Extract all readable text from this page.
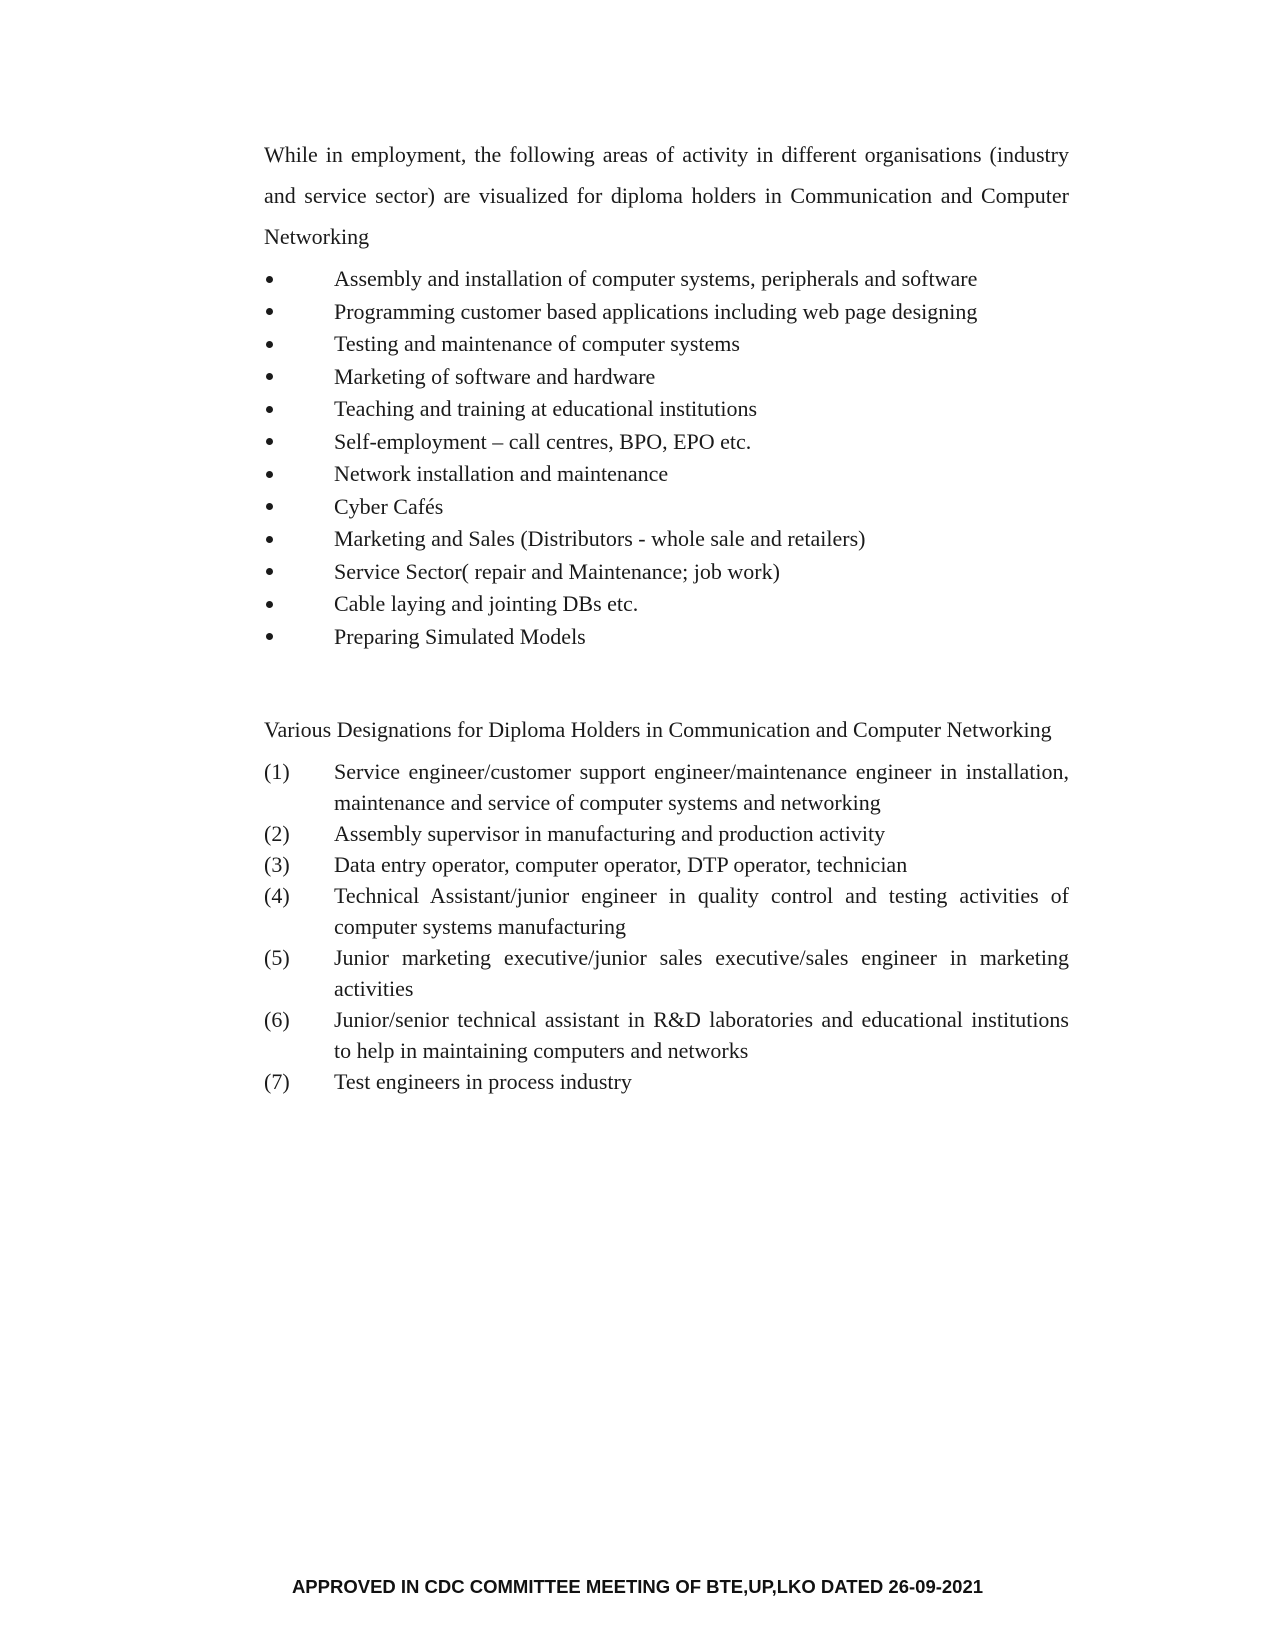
While in employment, the following areas of activity in different organisations (industry and service sector) are visualized for diploma holders in Communication and Computer Networking

Assembly and installation of computer systems, peripherals and software
Programming customer based applications including web page designing
Testing and maintenance of computer systems
Marketing of software and hardware
Teaching and training at educational institutions
Self-employment – call centres, BPO, EPO etc.
Network installation and maintenance
Cyber Cafés
Marketing and Sales (Distributors - whole sale and retailers)
Service Sector( repair and Maintenance; job work)
Cable laying and jointing DBs etc.
Preparing Simulated Models

Various Designations for Diploma Holders in Communication and Computer Networking

(1)	Service engineer/customer support engineer/maintenance engineer in installation, maintenance and service of computer systems and networking
(2)	Assembly supervisor in manufacturing and production activity
(3)	Data entry operator, computer operator, DTP operator, technician
(4)	Technical Assistant/junior engineer in quality control and testing activities of computer systems manufacturing
(5)	Junior marketing executive/junior sales executive/sales engineer in marketing activities
(6)	Junior/senior technical assistant in R&D laboratories and educational institutions to help in maintaining computers and networks
(7)	Test engineers in process industry
APPROVED IN CDC COMMITTEE MEETING OF BTE,UP,LKO DATED 26-09-2021
